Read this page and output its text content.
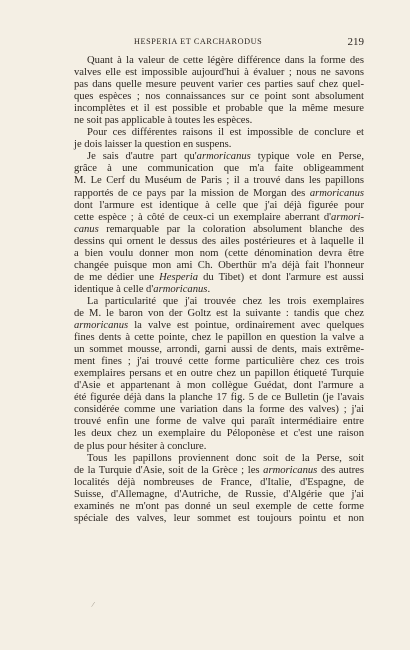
HESPERIA ET CARCHARODUS	219
Quant à la valeur de cette légère différence dans la forme des
valves elle est impossible aujourd'hui à évaluer ; nous ne savons
pas dans quelle mesure peuvent varier ces parties sauf chez quel-
ques espèces ; nos connaissances sur ce point sont absolument
incomplètes et il est possible et probable que la même mesure
ne soit pas applicable à toutes les espèces.
Pour ces différentes raisons il est impossible de conclure et
je dois laisser la question en suspens.
Je sais d'autre part qu'armoricanus typique vole en Perse,
grâce à une communication que m'a faite obligeamment
M. Le Cerf du Muséum de Paris ; il a trouvé dans les papillons
rapportés de ce pays par la mission de Morgan des armoricanus
dont l'armure est identique à celle que j'ai déjà figurée pour
cette espèce ; à côté de ceux-ci un exemplaire aberrant d'armori-
canus remarquable par la coloration absolument blanche des
dessins qui ornent le dessus des ailes postérieures et à laquelle il
a bien voulu donner mon nom (cette dénomination devra être
changée puisque mon ami Ch. Oberthür m'a déjà fait l'honneur
de me dédier une Hesperia du Tibet) et dont l'armure est aussi
identique à celle d'armoricanus.
La particularité que j'ai trouvée chez les trois exemplaires
de M. le baron von der Goltz est la suivante : tandis que chez
armoricanus la valve est pointue, ordinairement avec quelques
fines dents à cette pointe, chez le papillon en question la valve a
un sommet mousse, arrondi, garni aussi de dents, mais extrême-
ment fines ; j'ai trouvé cette forme particulière chez ces trois
exemplaires persans et en outre chez un papillon étiqueté Turquie
d'Asie et appartenant à mon collègue Guédat, dont l'armure a
été figurée déjà dans la planche 17 fig. 5 de ce Bulletin (je l'avais
considérée comme une variation dans la forme des valves) ; j'ai
trouvé enfin une forme de valve qui paraît intermédiaire entre
les deux chez un exemplaire du Péloponèse et c'est une raison
de plus pour hésiter à conclure.
Tous les papillons proviennent donc soit de la Perse, soit
de la Turquie d'Asie, soit de la Grèce ; les armoricanus des autres
localités déjà nombreuses de France, d'Italie, d'Espagne, de
Suisse, d'Allemagne, d'Autriche, de Russie, d'Algérie que j'ai
examinés ne m'ont pas donné un seul exemple de cette forme
spéciale des valves, leur sommet est toujours pointu et non
/
